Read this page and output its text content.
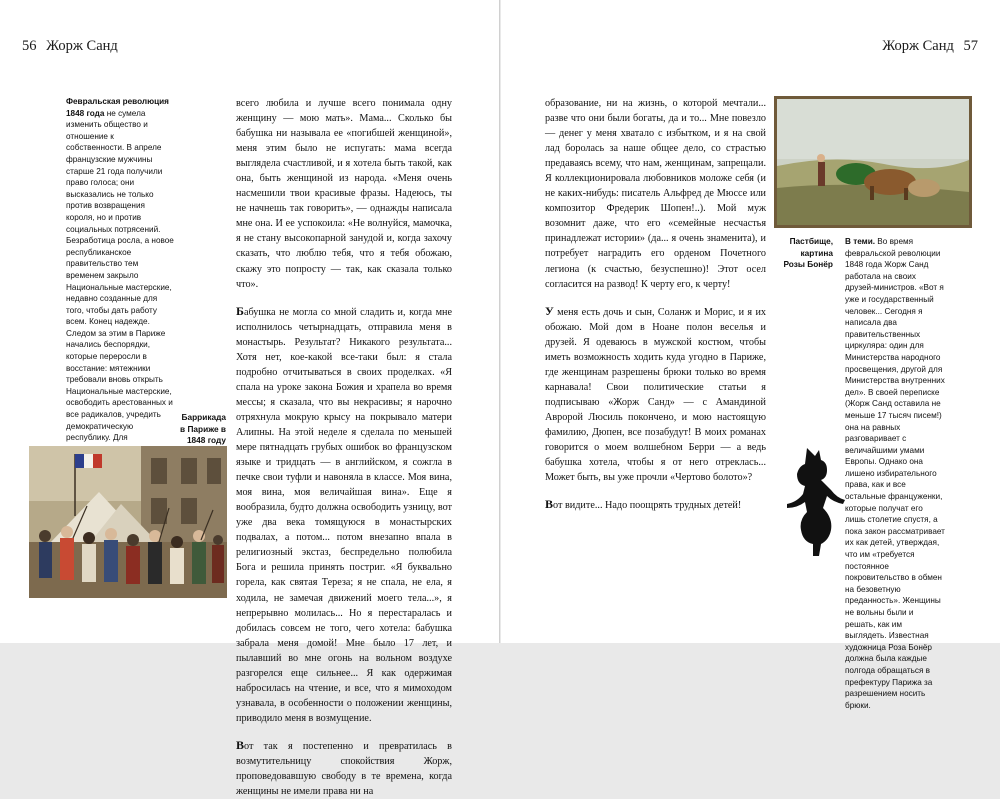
56 Жорж Санд
Февральская революция 1848 года не сумела изменить общество и отношение к собственности. В апреле французские мужчины старше 21 года получили право голоса; они высказались не только против возвращения короля, но и против социальных потрясений. Безработица росла, а новое республиканское правительство тем временем закрыло Национальные мастерские, недавно созданные для того, чтобы дать работу всем. Конец надежде. Следом за этим в Париже начались беспорядки, которые переросли в восстание: мятежники требовали вновь открыть Национальные мастерские, освободить арестованных и все радикалов, учредить демократическую республику. Для
Баррикада в Париже в 1848 году

всего любила и лучше всего понимала одну женщину — мою мать». Мама... Сколько бы бабушка ни называла ее «погибшей женщиной», меня этим было не испугать: мама всегда выглядела счастливой, и я хотела быть такой, как она, быть женщиной из народа. «Меня очень насмешили твои красивые фразы. Надеюсь, ты не начнешь так говорить», — однажды написала мне она. И ее успокоила: «Не волнуйся, мамочка, я не стану высокопарной занудой и, когда захочу сказать, что люблю тебя, что я тебя обожаю, скажу это попросту — так, как сказала только что».

Бабушка не могла со мной сладить и, когда мне исполнилось четырнадцать, отправила меня в монастырь. Результат? Никакого результата... Хотя нет, кое-какой все-таки был: я стала подробно отчитываться в своих проделках. «Я спала на уроке закона Божия и храпела во время мессы; я сказала, что вы некрасивы; я нарочно отряхнула мокрую крысу на покрывало матери Алипны. На этой неделе я сделала по меньшей мере пятнадцать грубых ошибок во французском языке и тридцать — в английском, я сожгла в печке свои туфли и навоняла в классе. Моя вина, моя вина, моя величайшая вина». Еще я вообразила, будто должна освободить узницу, вот уже два века томящуюся в монастырских подвалах, а потом... потом внезапно впала в религиозный экстаз, беспредельно полюбила Бога и решила принять постриг. «Я буквально горела, как святая Тереза; я не спала, не ела, я ходила, не замечая движений моего тела...», я непрерывно молилась... Но я перестаралась и добилась совсем не того, чего хотела: бабушка забрала меня домой! Мне было 17 лет, и пылавший во мне огонь на вольном воздухе разгорелся еще сильнее... Я как одержимая набросилась на чтение, и все, что я мимоходом узнавала, в особенности о положении женщины, приводило меня в возмущение.

Вот так я постепенно и превратилась в возмутительницу спокойствия Жорж, проповедовавшую свободу в те времена, когда женщины не имели права ни на

Жорж Санд 57

образование, ни на жизнь, о которой мечтали... разве что они были богаты, да и то... Мне повезло — денег у меня хватало с избытком, и я на свой лад боролась за наше общее дело, со страстью предаваясь всему, что нам, женщинам, запрещали. Я коллекционировала любовников моложе себя (и не каких-нибудь: писатель Альфред де Мюссе или композитор Фредерик Шопен!..). Мой муж возомнит даже, что его «семейные несчастья принадлежат истории» (да... я очень знаменита), и потребует наградить его орденом Почетного легиона (к счастью, безуспешно)! Этот осел согласится на развод! К черту его, к черту!

У меня есть дочь и сын, Соланж и Морис, и я их обожаю. Мой дом в Ноане полон веселья и друзей. Я одеваюсь в мужской костюм, чтобы иметь возможность ходить куда угодно в Париже, где женщинам разрешены брюки только во время карнавала! Свои политические статьи я подписываю «Жорж Санд» — с Амандиной Авророй Люсиль покончено, и мою настоящую фамилию, Дюпен, все позабудут! В моих романах говорится о моем волшебном Берри — а ведь бабушка хотела, чтобы я от него отреклась... Может быть, вы уже прочли «Чертово болото»?

Вот видите... Надо поощрять трудных детей!

Пастбище, картина Розы Бонёр
В теми. Во время февральской революции 1848 года Жорж Санд работала на своих друзей-министров. «Вот я уже и государственный человек... Сегодня я написала два правительственных циркуляра: один для Министерства народного просвещения, другой для Министерства внутренних дел». В своей переписке (Жорж Санд оставила не меньше 17 тысяч писем!) она на равных разговаривает с величайшими умами Европы. Однако она лишено избирательного права, как и все остальные француженки, которые получат его лишь столетие спустя, а пока закон рассматривает их как детей, утверждая, что им «требуется постоянное покровительство в обмен на безоветную преданность». Женщины не вольны были и решать, как им выглядеть. Известная художница Роза Бонёр должна была каждые полгода обращаться в префектуру Парижа за разрешением носить брюки.
